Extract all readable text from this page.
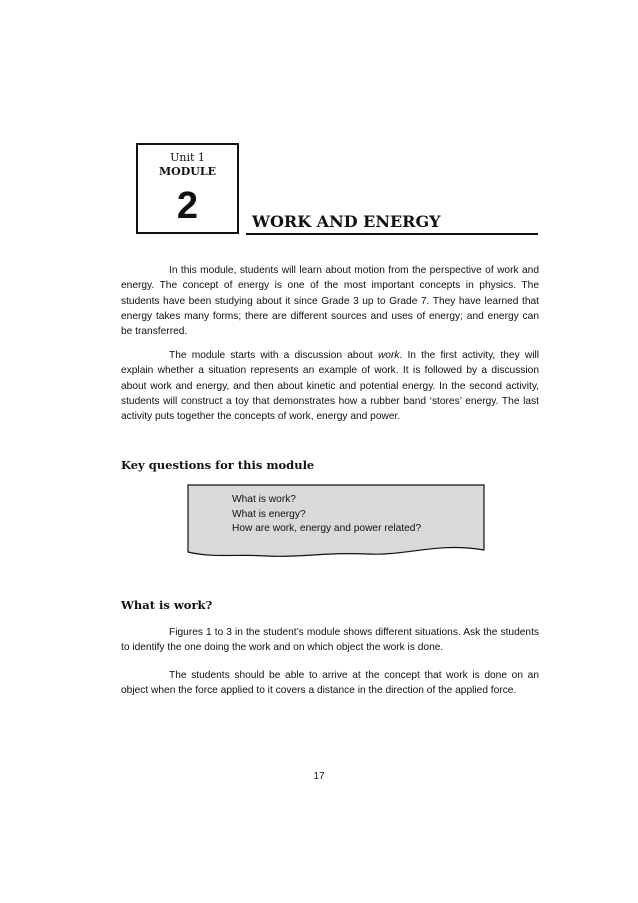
Unit 1
MODULE
2	WORK AND ENERGY

In this module, students will learn about motion from the perspective of work and energy. The concept of energy is one of the most important concepts in physics. The students have been studying about it since Grade 3 up to Grade 7. They have learned that energy takes many forms; there are different sources and uses of energy; and energy can be transferred.

The module starts with a discussion about work. In the first activity, they will explain whether a situation represents an example of work. It is followed by a discussion about work and energy, and then about kinetic and potential energy. In the second activity, students will construct a toy that demonstrates how a rubber band ‘stores’ energy. The last activity puts together the concepts of work, energy and power.

Key questions for this module
What is work?
What is energy?
How are work, energy and power related?
What is work?

Figures 1 to 3 in the student’s module shows different situations. Ask the students to identify the one doing the work and on which object the work is done.

The students should be able to arrive at the concept that work is done on an object when the force applied to it covers a distance in the direction of the applied force.

17
